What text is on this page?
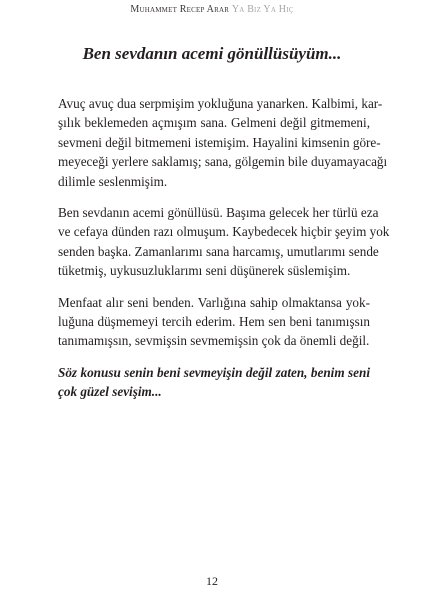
Muhammet Recep Arar Ya Biz Ya Hiç
Ben sevdanın acemi gönüllüsüyüm...
Avuç avuç dua serpmişim yokluğuna yanarken. Kalbimi, kar-
şılık beklemeden açmışım sana. Gelmeni değil gitmemeni,
sevmeni değil bitmemeni istemişim. Hayalini kimsenin göre-
meyeceği yerlere saklamış; sana, gölgemin bile duyamayacağı
dilimle seslenmişim.
Ben sevdanın acemi gönüllüsü. Başıma gelecek her türlü eza
ve cefaya dünden razı olmuşum. Kaybedecek hiçbir şeyim yok
senden başka. Zamanlarımı sana harcamış, umutlarımı sende
tüketmiş, uykusuzluklarımı seni düşünerek süslemişim.
Menfaat alır seni benden. Varlığına sahip olmaktansa yok-
luğuna düşmemeyi tercih ederim. Hem sen beni tanımışsın
tanımamışsın, sevmişsin sevmemişsin çok da önemli değil.
Söz konusu senin beni sevmeyişin değil zaten, benim seni
çok güzel sevişim...
12
